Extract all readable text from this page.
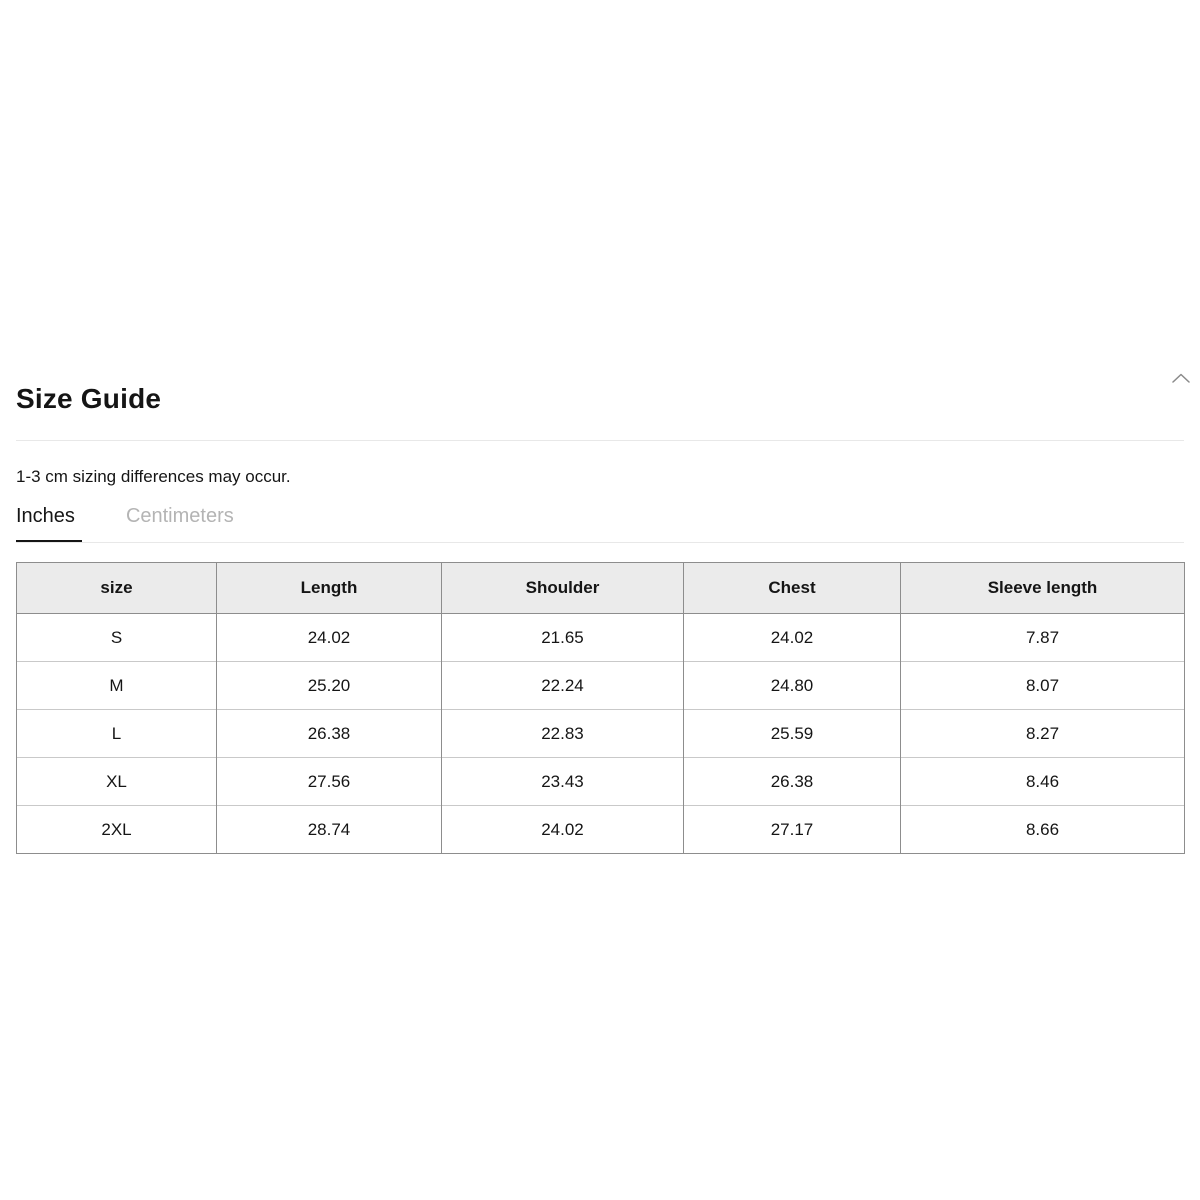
Size Guide
1-3 cm sizing differences may occur.
Inches	Centimeters
size	Length	Shoulder	Chest	Sleeve length
S	24.02	21.65	24.02	7.87
M	25.20	22.24	24.80	8.07
L	26.38	22.83	25.59	8.27
XL	27.56	23.43	26.38	8.46
2XL	28.74	24.02	27.17	8.66
